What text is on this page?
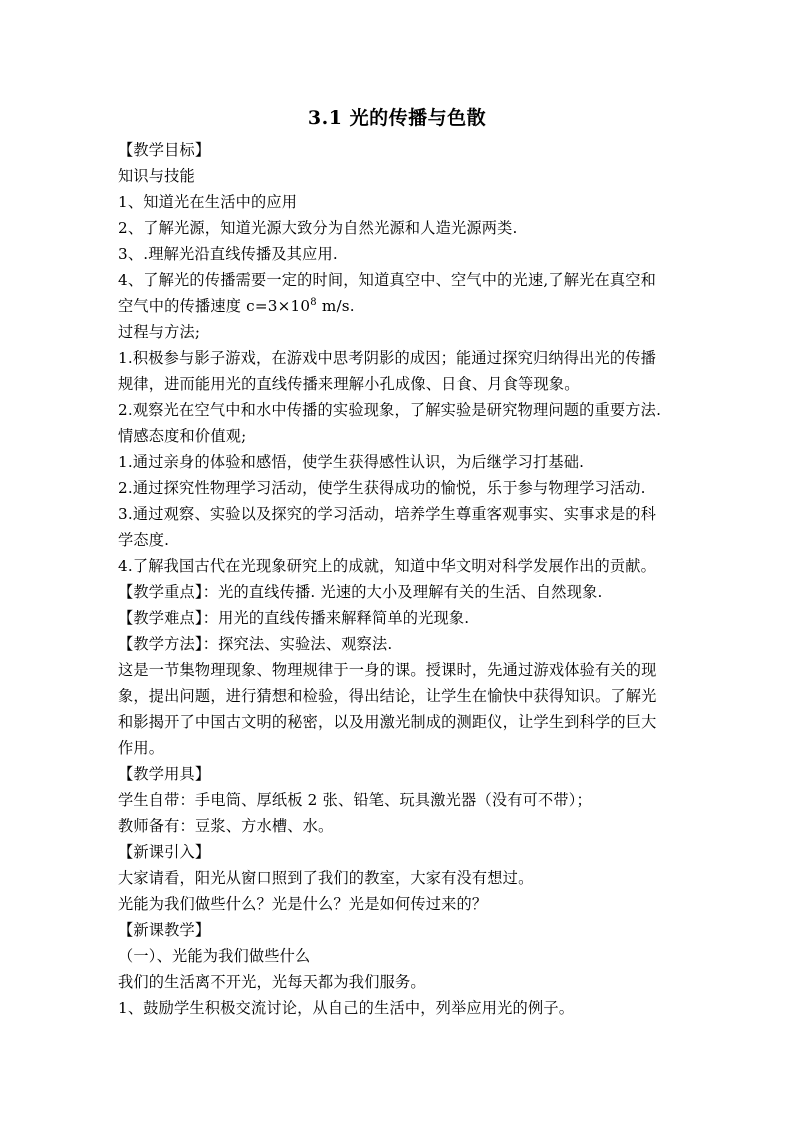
3.1 光的传播与色散
【教学目标】
知识与技能
1、知道光在生活中的应用
2、了解光源，知道光源大致分为自然光源和人造光源两类.
3、.理解光沿直线传播及其应用.
4、了解光的传播需要一定的时间，知道真空中、空气中的光速,了解光在真空和
空气中的传播速度 $c=3\times 10^8$ m/s.
过程与方法;
1.积极参与影子游戏，在游戏中思考阴影的成因；能通过探究归纳得出光的传播
规律，进而能用光的直线传播来理解小孔成像、日食、月食等现象。
2.观察光在空气中和水中传播的实验现象，了解实验是研究物理问题的重要方法.
情感态度和价值观;
1.通过亲身的体验和感悟，使学生获得感性认识，为后继学习打基础.
2.通过探究性物理学习活动，使学生获得成功的愉悦，乐于参与物理学习活动.
3.通过观察、实验以及探究的学习活动，培养学生尊重客观事实、实事求是的科
学态度.
4.了解我国古代在光现象研究上的成就，知道中华文明对科学发展作出的贡献。
【教学重点】：光的直线传播. 光速的大小及理解有关的生活、自然现象.
【教学难点】：用光的直线传播来解释简单的光现象.
【教学方法】：探究法、实验法、观察法.
这是一节集物理现象、物理规律于一身的课。授课时，先通过游戏体验有关的现
象，提出问题，进行猜想和检验，得出结论，让学生在愉快中获得知识。了解光
和影揭开了中国古文明的秘密，以及用激光制成的测距仪，让学生到科学的巨大
作用。
【教学用具】
学生自带：手电筒、厚纸板 2 张、铅笔、玩具激光器（没有可不带）；
教师备有：豆浆、方水槽、水。
【新课引入】
大家请看，阳光从窗口照到了我们的教室，大家有没有想过。
光能为我们做些什么？光是什么？光是如何传过来的？
【新课教学】
（一）、光能为我们做些什么
我们的生活离不开光，光每天都为我们服务。
1、鼓励学生积极交流讨论，从自己的生活中，列举应用光的例子。
